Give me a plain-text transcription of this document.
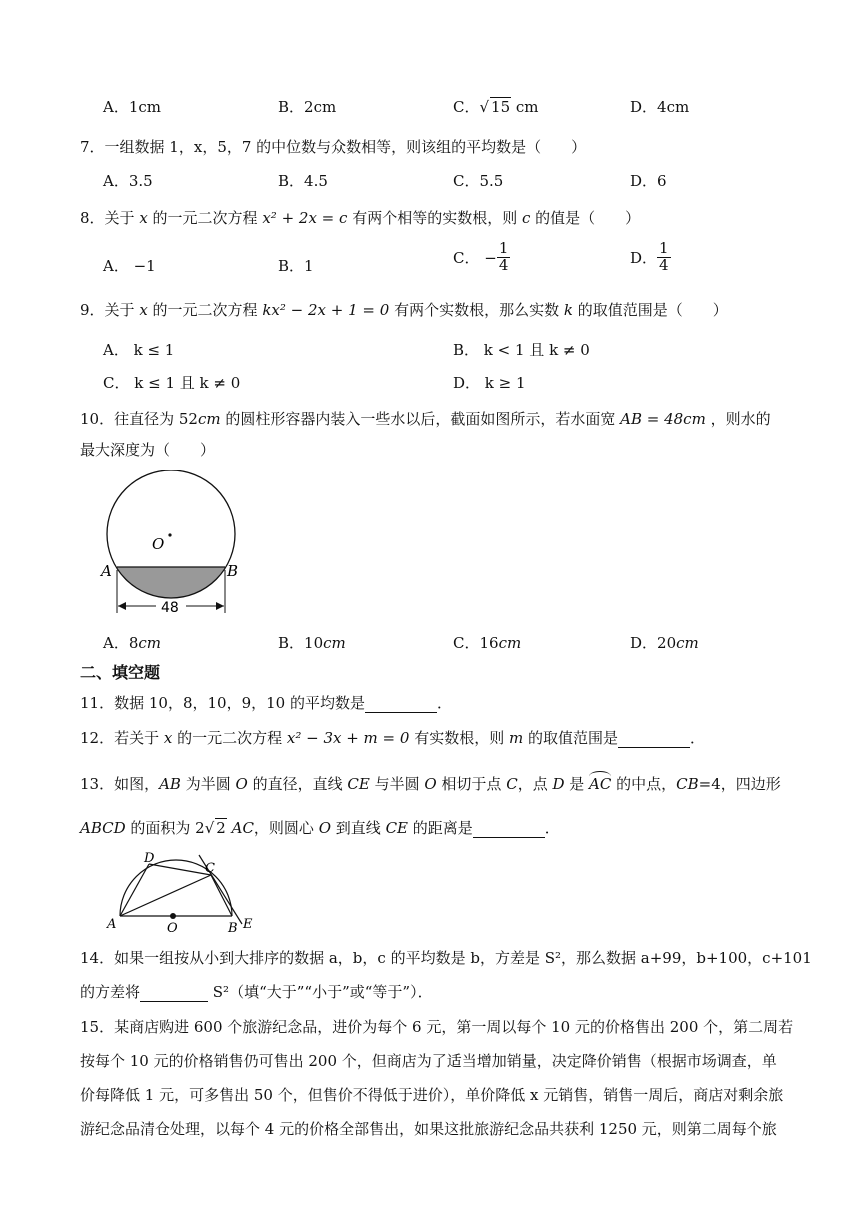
A．1cm	B．2cm	C．√ 15 cm	D．4cm
7．一组数据 1，x，5，7 的中位数与众数相等，则该组的平均数是（　　）
A．3.5	B．4.5	C．5.5	D．6
8．关于 x 的一元二次方程 x² + 2x = c 有两个相等的实数根，则 c 的值是（　　）
A． −1	B．1	C． − $\frac{1}{4}$	D． $\frac{1}{4}$
9．关于 x 的一元二次方程 kx² − 2x + 1 = 0 有两个实数根，那么实数 k 的取值范围是（　　）
A． k ≤ 1	B． k < 1 且 k ≠ 0
C． k ≤ 1 且 k ≠ 0	D． k ≥ 1
10．往直径为 52cm 的圆柱形容器内装入一些水以后，截面如图所示，若水面宽 AB = 48cm ，则水的
最大深度为（　　）
O
A	B
48
A．8cm	B．10cm	C．16cm	D．20cm
二、填空题
11．数据 10，8，10，9，10 的平均数是	．
12．若关于 x 的一元二次方程 x² − 3x + m = 0 有实数根，则 m 的取值范围是	．
13．如图，AB 为半圆 O 的直径，直线 CE 与半圆 O 相切于点 C，点 D 是 AC 的中点，CB=4，四边形
ABCD 的面积为 2√ 2 AC，则圆心 O 到直线 CE 的距离是	．
D
C
A	O	B E
14．如果一组按从小到大排序的数据 a，b，c 的平均数是 b，方差是 S²，那么数据 a+99，b+100，c+101
的方差将	S²（填“大于”“小于”或“等于”）．
15．某商店购进 600 个旅游纪念品，进价为每个 6 元，第一周以每个 10 元的价格售出 200 个，第二周若
按每个 10 元的价格销售仍可售出 200 个，但商店为了适当增加销量，决定降价销售（根据市场调查，单
价每降低 1 元，可多售出 50 个，但售价不得低于进价），单价降低 x 元销售，销售一周后，商店对剩余旅
游纪念品清仓处理，以每个 4 元的价格全部售出，如果这批旅游纪念品共获利 1250 元，则第二周每个旅
